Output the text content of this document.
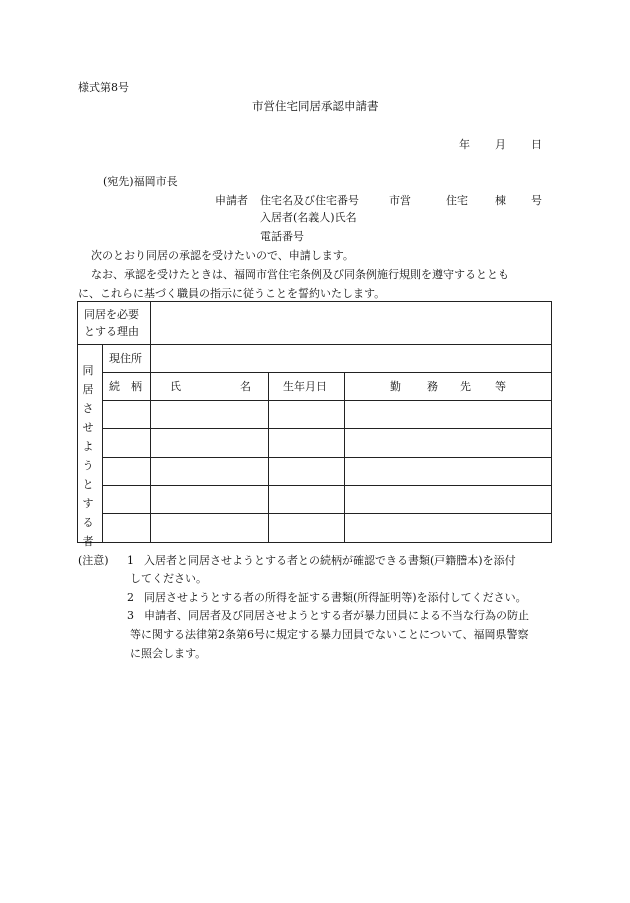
様式第8号
市営住宅同居承認申請書
年 月 日
(宛先)福岡市長
申請者 住宅名及び住宅番号	市営	住宅 棟 号
入居者(名義人)氏名
電話番号
次のとおり同居の承認を受けたいので、申請します。
なお、承認を受けたときは、福岡市営住宅条例及び同条例施行規則を遵守するととも
に、これらに基づく職員の指示に従うことを誓約いたします。
同居を必要
とする理由
同居させようとする者
現住所
続　柄	氏	名	生年月日	勤 務 先 等
(注意) 1 入居者と同居させようとする者との続柄が確認できる書類(戸籍謄本)を添付
してください。
2 同居させようとする者の所得を証する書類(所得証明等)を添付してください。
3 申請者、同居者及び同居させようとする者が暴力団員による不当な行為の防止
等に関する法律第2条第6号に規定する暴力団員でないことについて、福岡県警察
に照会します。
